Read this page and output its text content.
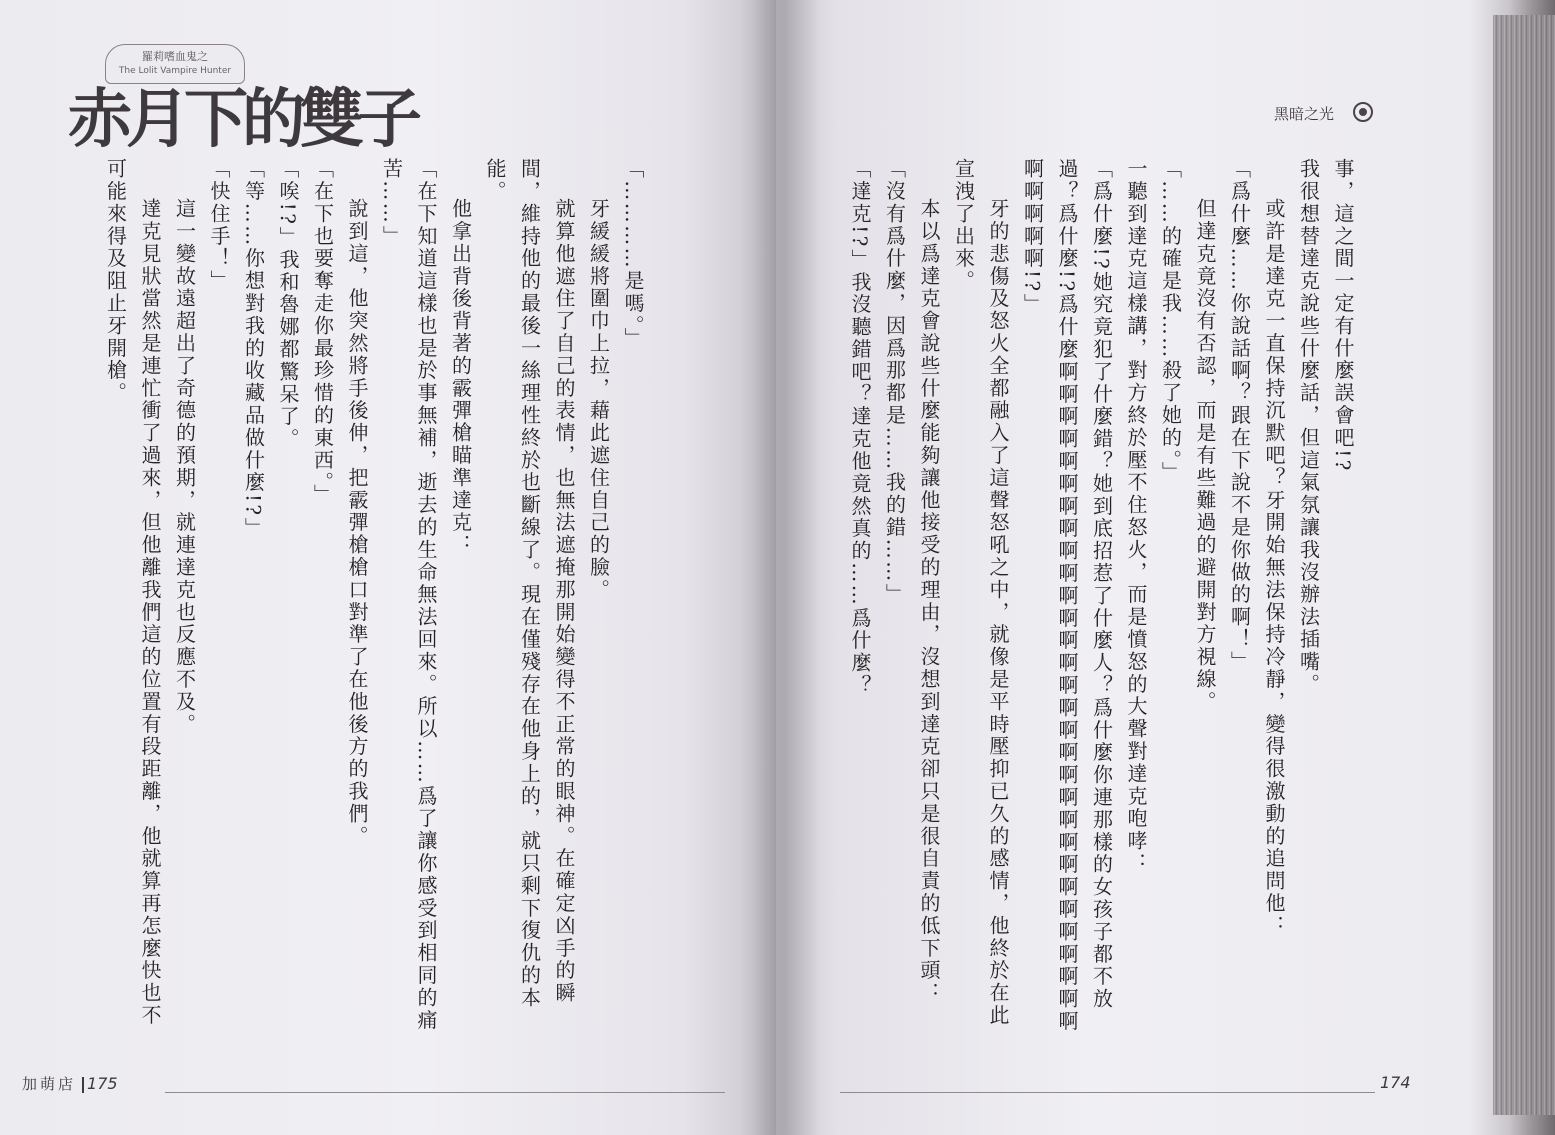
羅莉嗜血鬼之
The Lolit Vampire Hunter
赤月下的雙子

「…………是嗎。」

牙緩緩將圍巾上拉，藉此遮住自己的臉。

就算他遮住了自己的表情，也無法遮掩那開始變得不正常的眼神。在確定凶手的瞬間，維持他的最後一絲理性終於也斷線了。現在僅殘存在他身上的，就只剩下復仇的本能。

他拿出背後背著的霰彈槍瞄準達克：

「在下知道這樣也是於事無補，逝去的生命無法回來。所以……爲了讓你感受到相同的痛苦……」

說到這，他突然將手後伸，把霰彈槍槍口對準了在他後方的我們。

「在下也要奪走你最珍惜的東西。」

「唉!?」我和魯娜都驚呆了。

「等……你想對我的收藏品做什麼!?」

「快住手！」

這一變故遠超出了奇德的預期，就連達克也反應不及。

達克見狀當然是連忙衝了過來，但他離我們這的位置有段距離，他就算再怎麼快也不可能來得及阻止牙開槍。

加萌店 175
黑暗之光

事，這之間一定有什麼誤會吧!?

我很想替達克說些什麼話，但這氣氛讓我沒辦法插嘴。

或許是達克一直保持沉默吧？牙開始無法保持冷靜，變得很激動的追問他：

「爲什麼……你說話啊？跟在下說不是你做的啊！」

但達克竟沒有否認，而是有些難過的避開對方視線。

「……的確是我……殺了她的。」

一聽到達克這樣講，對方終於壓不住怒火，而是憤怒的大聲對達克咆哮：

「爲什麼!?她究竟犯了什麼錯？她到底招惹了什麼人？爲什麼你連那樣的女孩子都不放過？爲什麼!?爲什麼啊啊啊啊啊啊啊啊啊啊啊啊啊啊啊啊啊啊啊啊啊啊啊啊啊啊啊啊啊啊啊啊啊啊啊!?」

牙的悲傷及怒火全都融入了這聲怒吼之中，就像是平時壓抑已久的感情，他終於在此宣洩了出來。

本以爲達克會說些什麼能夠讓他接受的理由，沒想到達克卻只是很自責的低下頭：

「沒有爲什麼，因爲那都是……我的錯……」

「達克!?」我沒聽錯吧？達克他竟然真的……爲什麼？

174
